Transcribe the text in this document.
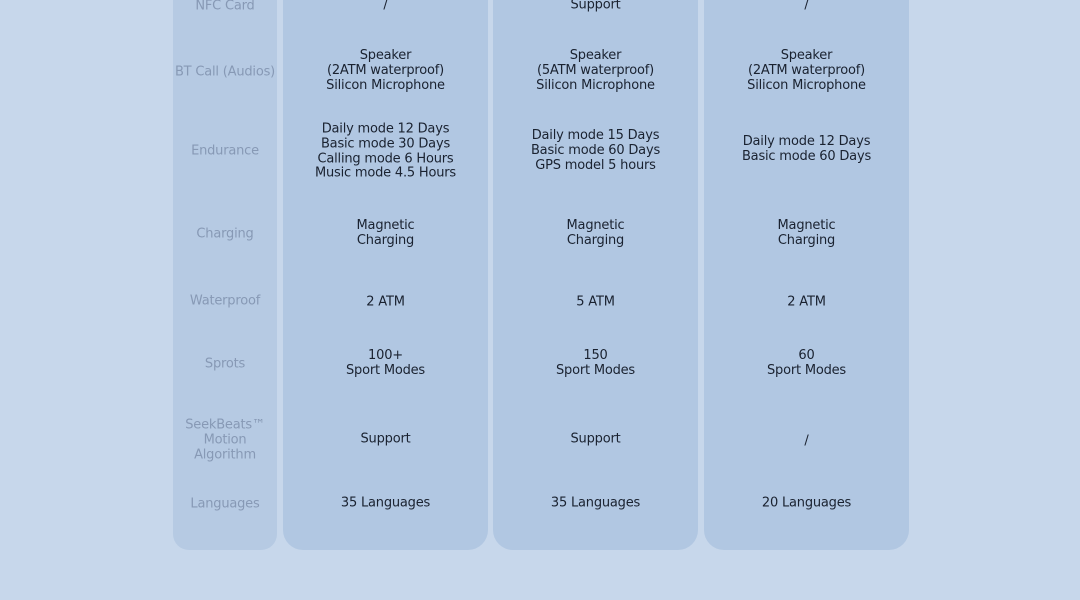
NFC Card
BT Call (Audios)
Endurance
Charging
Waterproof
Sprots
SeekBeats™
Motion
Algorithm
Languages
/
Speaker
(2ATM waterproof)
Silicon Microphone
Daily mode 12 Days
Basic mode 30 Days
Calling mode 6 Hours
Music mode 4.5 Hours
Magnetic
Charging
2 ATM
100+
Sport Modes
Support
35 Languages
Support
Speaker
(5ATM waterproof)
Silicon Microphone
Daily mode 15 Days
Basic mode 60 Days
GPS model 5 hours
Magnetic
Charging
5 ATM
150
Sport Modes
Support
35 Languages
/
Speaker
(2ATM waterproof)
Silicon Microphone
Daily mode 12 Days
Basic mode 60 Days
Magnetic
Charging
2 ATM
60
Sport Modes
/
20 Languages
